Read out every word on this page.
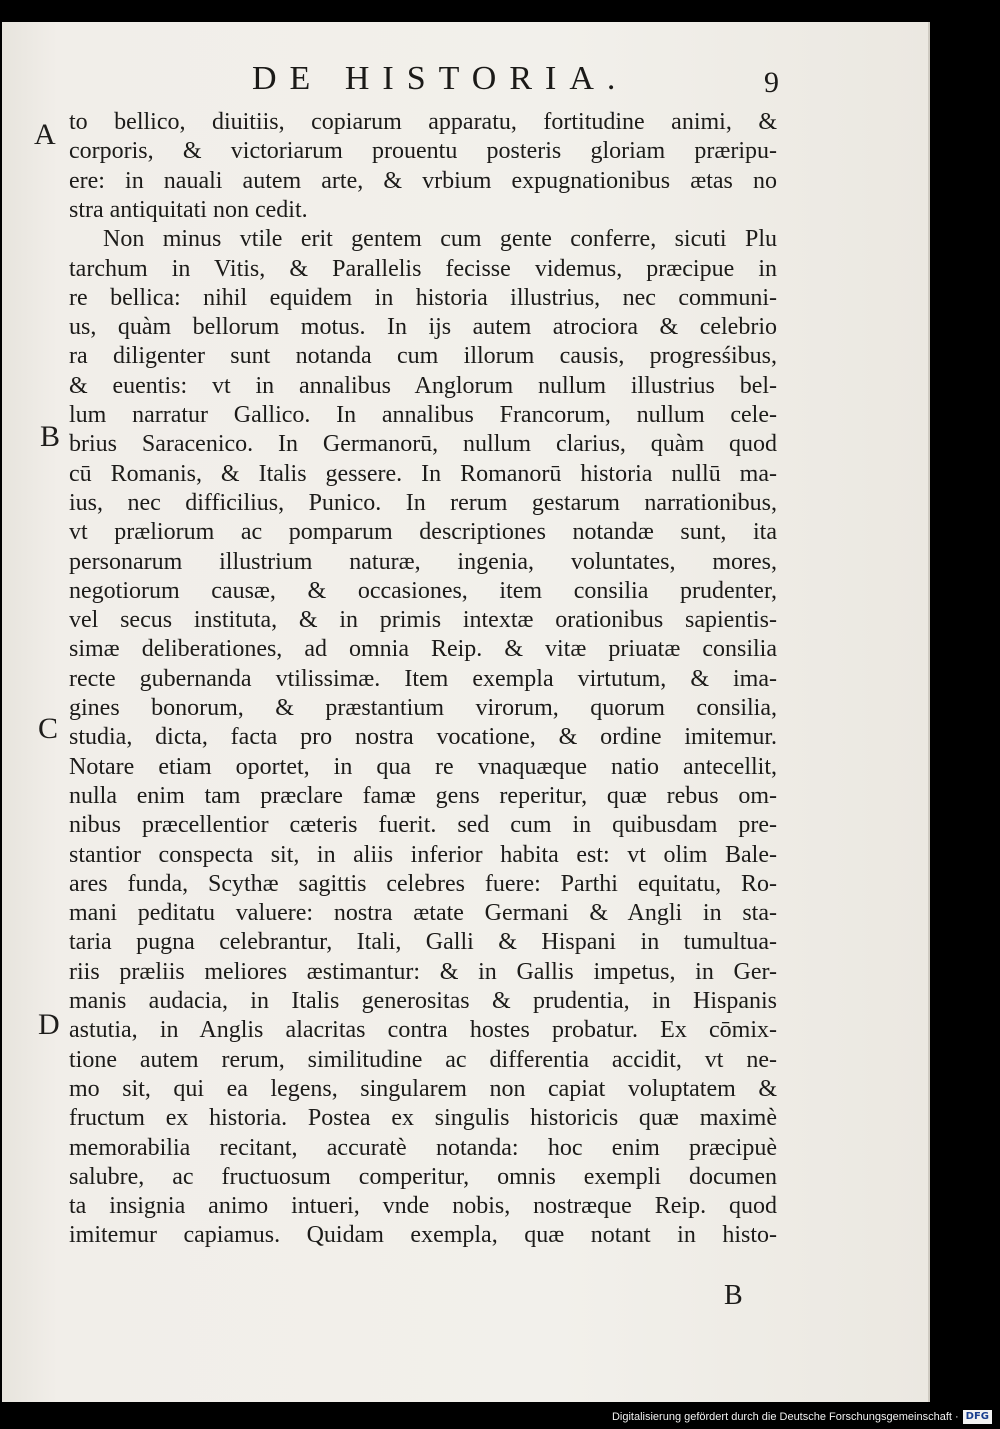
DE HISTORIA.	9
A
B
C
D
to bellico, diuitiis, copiarum apparatu, fortitudine animi, &
corporis, & victoriarum prouentu posteris gloriam præripu-
ere: in nauali autem arte, & vrbium expugnationibus ætas no
stra antiquitati non cedit.
Non minus vtile erit gentem cum gente conferre, sicuti Plu
tarchum in Vitis, & Parallelis fecisse videmus, præcipue in
re bellica: nihil equidem in historia illustrius, nec communi-
us, quàm bellorum motus. In ijs autem atrociora & celebrio
ra diligenter sunt notanda cum illorum causis, progresśibus,
& euentis: vt in annalibus Anglorum nullum illustrius bel-
lum narratur Gallico. In annalibus Francorum, nullum cele-
brius Saracenico. In Germanorū, nullum clarius, quàm quod
cū Romanis, & Italis gessere. In Romanorū historia nullū ma-
ius, nec difficilius, Punico. In rerum gestarum narrationibus,
vt præliorum ac pomparum descriptiones notandæ sunt, ita
personarum illustrium naturæ, ingenia, voluntates, mores,
negotiorum causæ, & occasiones, item consilia prudenter,
vel secus instituta, & in primis intextæ orationibus sapientis-
simæ deliberationes, ad omnia Reip. & vitæ priuatæ consilia
recte gubernanda vtilissimæ. Item exempla virtutum, & ima-
gines bonorum, & præstantium virorum, quorum consilia,
studia, dicta, facta pro nostra vocatione, & ordine imitemur.
Notare etiam oportet, in qua re vnaquæque natio antecellit,
nulla enim tam præclare famæ gens reperitur, quæ rebus om-
nibus præcellentior cæteris fuerit. sed cum in quibusdam pre-
stantior conspecta sit, in aliis inferior habita est: vt olim Bale-
ares funda, Scythæ sagittis celebres fuere: Parthi equitatu, Ro-
mani peditatu valuere: nostra ætate Germani & Angli in sta-
taria pugna celebrantur, Itali, Galli & Hispani in tumultua-
riis præliis meliores æstimantur: & in Gallis impetus, in Ger-
manis audacia, in Italis generositas & prudentia, in Hispanis
astutia, in Anglis alacritas contra hostes probatur. Ex cōmix-
tione autem rerum, similitudine ac differentia accidit, vt ne-
mo sit, qui ea legens, singularem non capiat voluptatem &
fructum ex historia. Postea ex singulis historicis quæ maximè
memorabilia recitant, accuratè notanda: hoc enim præcipuè
salubre, ac fructuosum comperitur, omnis exempli documen
ta insignia animo intueri, vnde nobis, nostræque Reip. quod
imitemur capiamus. Quidam exempla, quæ notant in histo-
B
Digitalisierung gefördert durch die Deutsche Forschungsgemeinschaft · DFG
